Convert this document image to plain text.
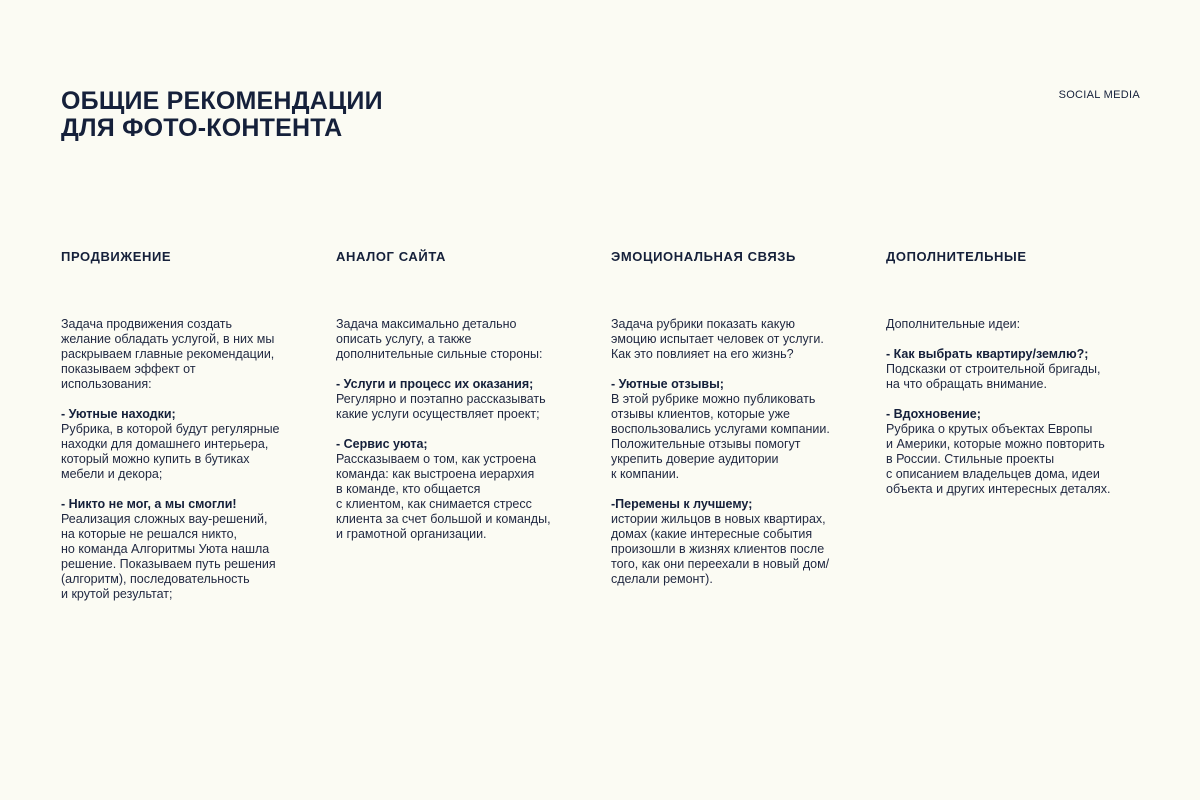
ОБЩИЕ РЕКОМЕНДАЦИИ
ДЛЯ ФОТО-КОНТЕНТА
SOCIAL MEDIA
ПРОДВИЖЕНИЕ

Задача продвижения создать
желание обладать услугой, в них мы
раскрываем главные рекомендации,
показываем эффект от
использования:

- Уютные находки;
Рубрика, в которой будут регулярные
находки для домашнего интерьера,
который можно купить в бутиках
мебели и декора;
- Никто не мог, а мы смогли!
Реализация сложных вау-решений,
на которые не решался никто,
но команда Алгоритмы Уюта нашла
решение. Показываем путь решения
(алгоритм), последовательность
и крутой результат;
АНАЛОГ САЙТА

Задача максимально детально
описать услугу, а также
дополнительные сильные стороны:

- Услуги и процесс их оказания;
Регулярно и поэтапно рассказывать
какие услуги осуществляет проект;
- Сервис уюта;
Рассказываем о том, как устроена
команда: как выстроена иерархия
в команде, кто общается
с клиентом, как снимается стресс
клиента за счет большой и команды,
и грамотной организации.
ЭМОЦИОНАЛЬНАЯ СВЯЗЬ

Задача рубрики показать какую
эмоцию испытает человек от услуги.
Как это повлияет на его жизнь?

- Уютные отзывы;
В этой рубрике можно публиковать
отзывы клиентов, которые уже
воспользовались услугами компании.
Положительные отзывы помогут
укрепить доверие аудитории
к компании.
-Перемены к лучшему;
истории жильцов в новых квартирах,
домах (какие интересные события
произошли в жизнях клиентов после
того, как они переехали в новый дом/
сделали ремонт).
ДОПОЛНИТЕЛЬНЫЕ

Дополнительные идеи:

- Как выбрать квартиру/землю?;
Подсказки от строительной бригады,
на что обращать внимание.
- Вдохновение;
Рубрика о крутых объектах Европы
и Америки, которые можно повторить
в России. Стильные проекты
с описанием владельцев дома, идеи
объекта и других интересных деталях.
